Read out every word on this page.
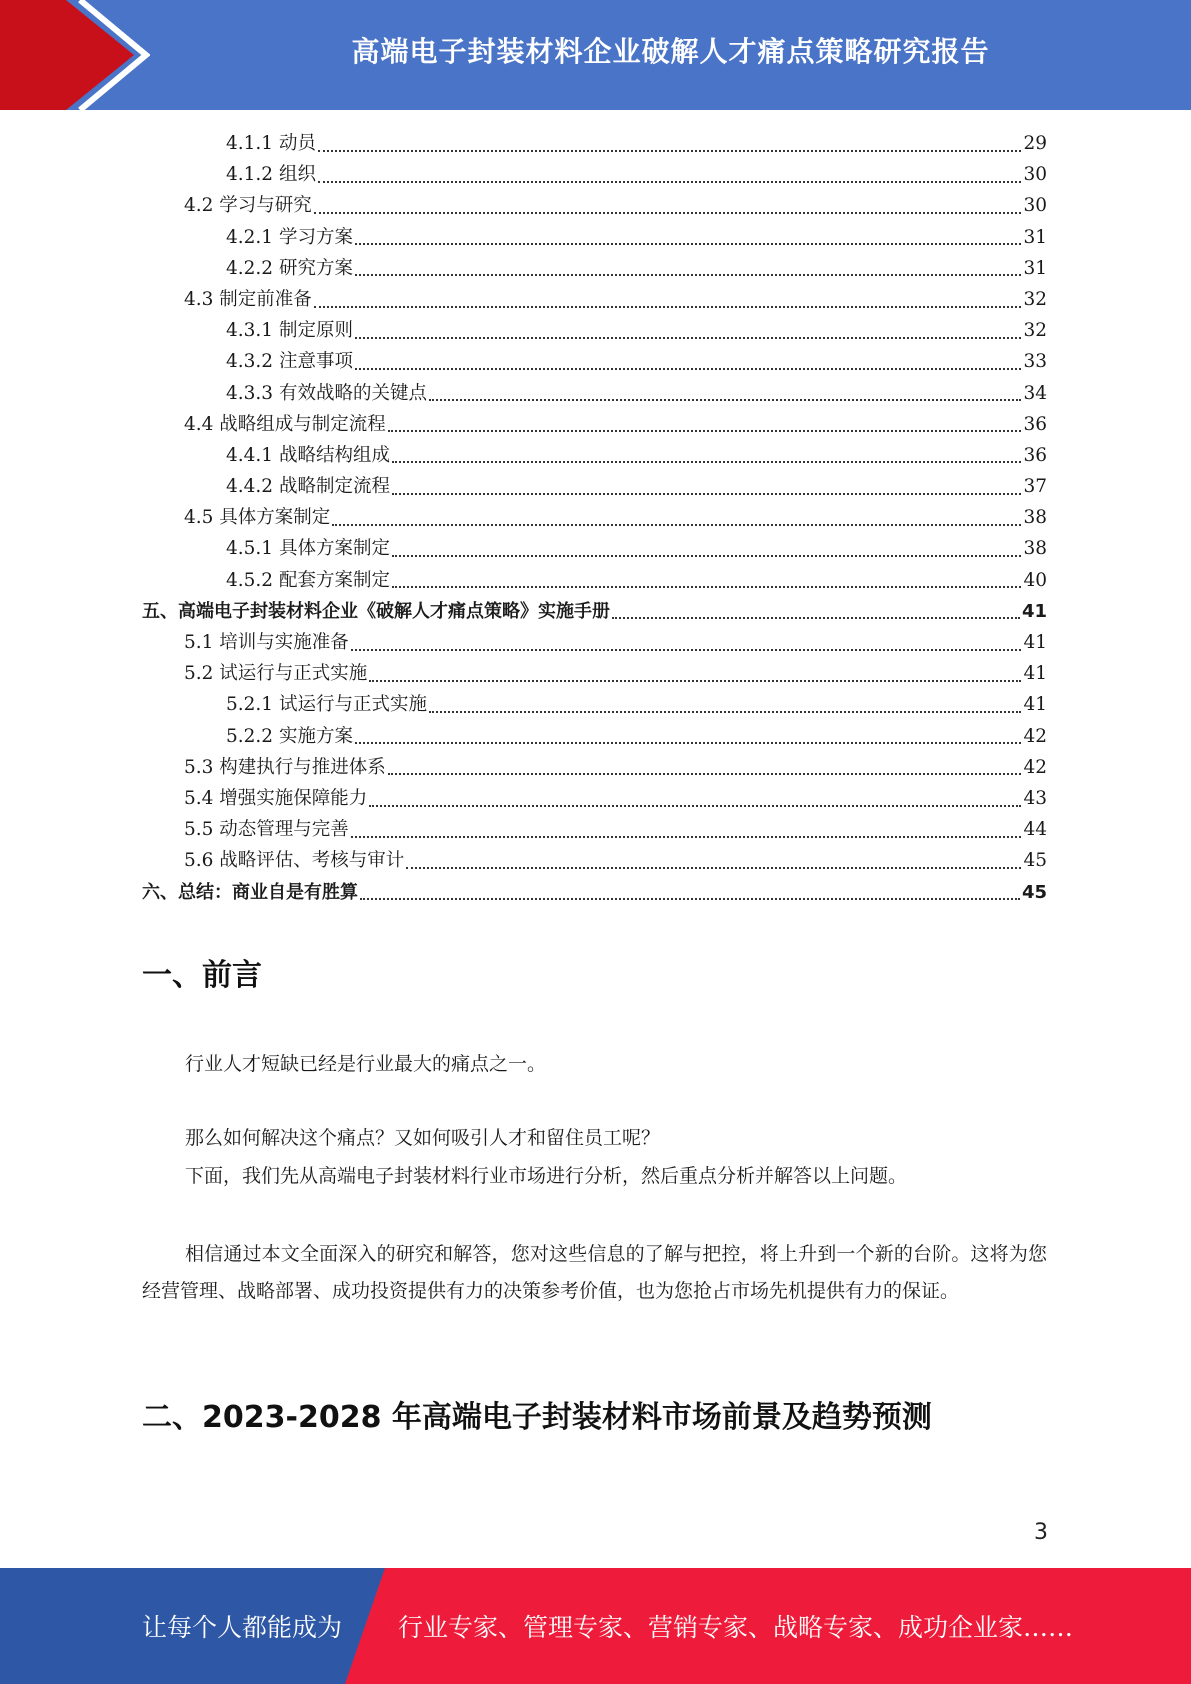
高端电子封装材料企业破解人才痛点策略研究报告
4.1.1 动员	29
4.1.2 组织	30
4.2 学习与研究	30
4.2.1 学习方案	31
4.2.2 研究方案	31
4.3 制定前准备	32
4.3.1 制定原则	32
4.3.2 注意事项	33
4.3.3 有效战略的关键点	34
4.4 战略组成与制定流程	36
4.4.1 战略结构组成	36
4.4.2 战略制定流程	37
4.5 具体方案制定	38
4.5.1 具体方案制定	38
4.5.2 配套方案制定	40
五、高端电子封装材料企业《破解人才痛点策略》实施手册	41
5.1 培训与实施准备	41
5.2 试运行与正式实施	41
5.2.1 试运行与正式实施	41
5.2.2 实施方案	42
5.3 构建执行与推进体系	42
5.4 增强实施保障能力	43
5.5 动态管理与完善	44
5.6 战略评估、考核与审计	45
六、总结：商业自是有胜算	45
一、前言

行业人才短缺已经是行业最大的痛点之一。

那么如何解决这个痛点？又如何吸引人才和留住员工呢？

下面，我们先从高端电子封装材料行业市场进行分析，然后重点分析并解答以上问题。

相信通过本文全面深入的研究和解答，您对这些信息的了解与把控，将上升到一个新的台阶。这将为您经营管理、战略部署、成功投资提供有力的决策参考价值，也为您抢占市场先机提供有力的保证。

二、2023-2028 年高端电子封装材料市场前景及趋势预测
3
让每个人都能成为 行业专家、管理专家、营销专家、战略专家、成功企业家……
